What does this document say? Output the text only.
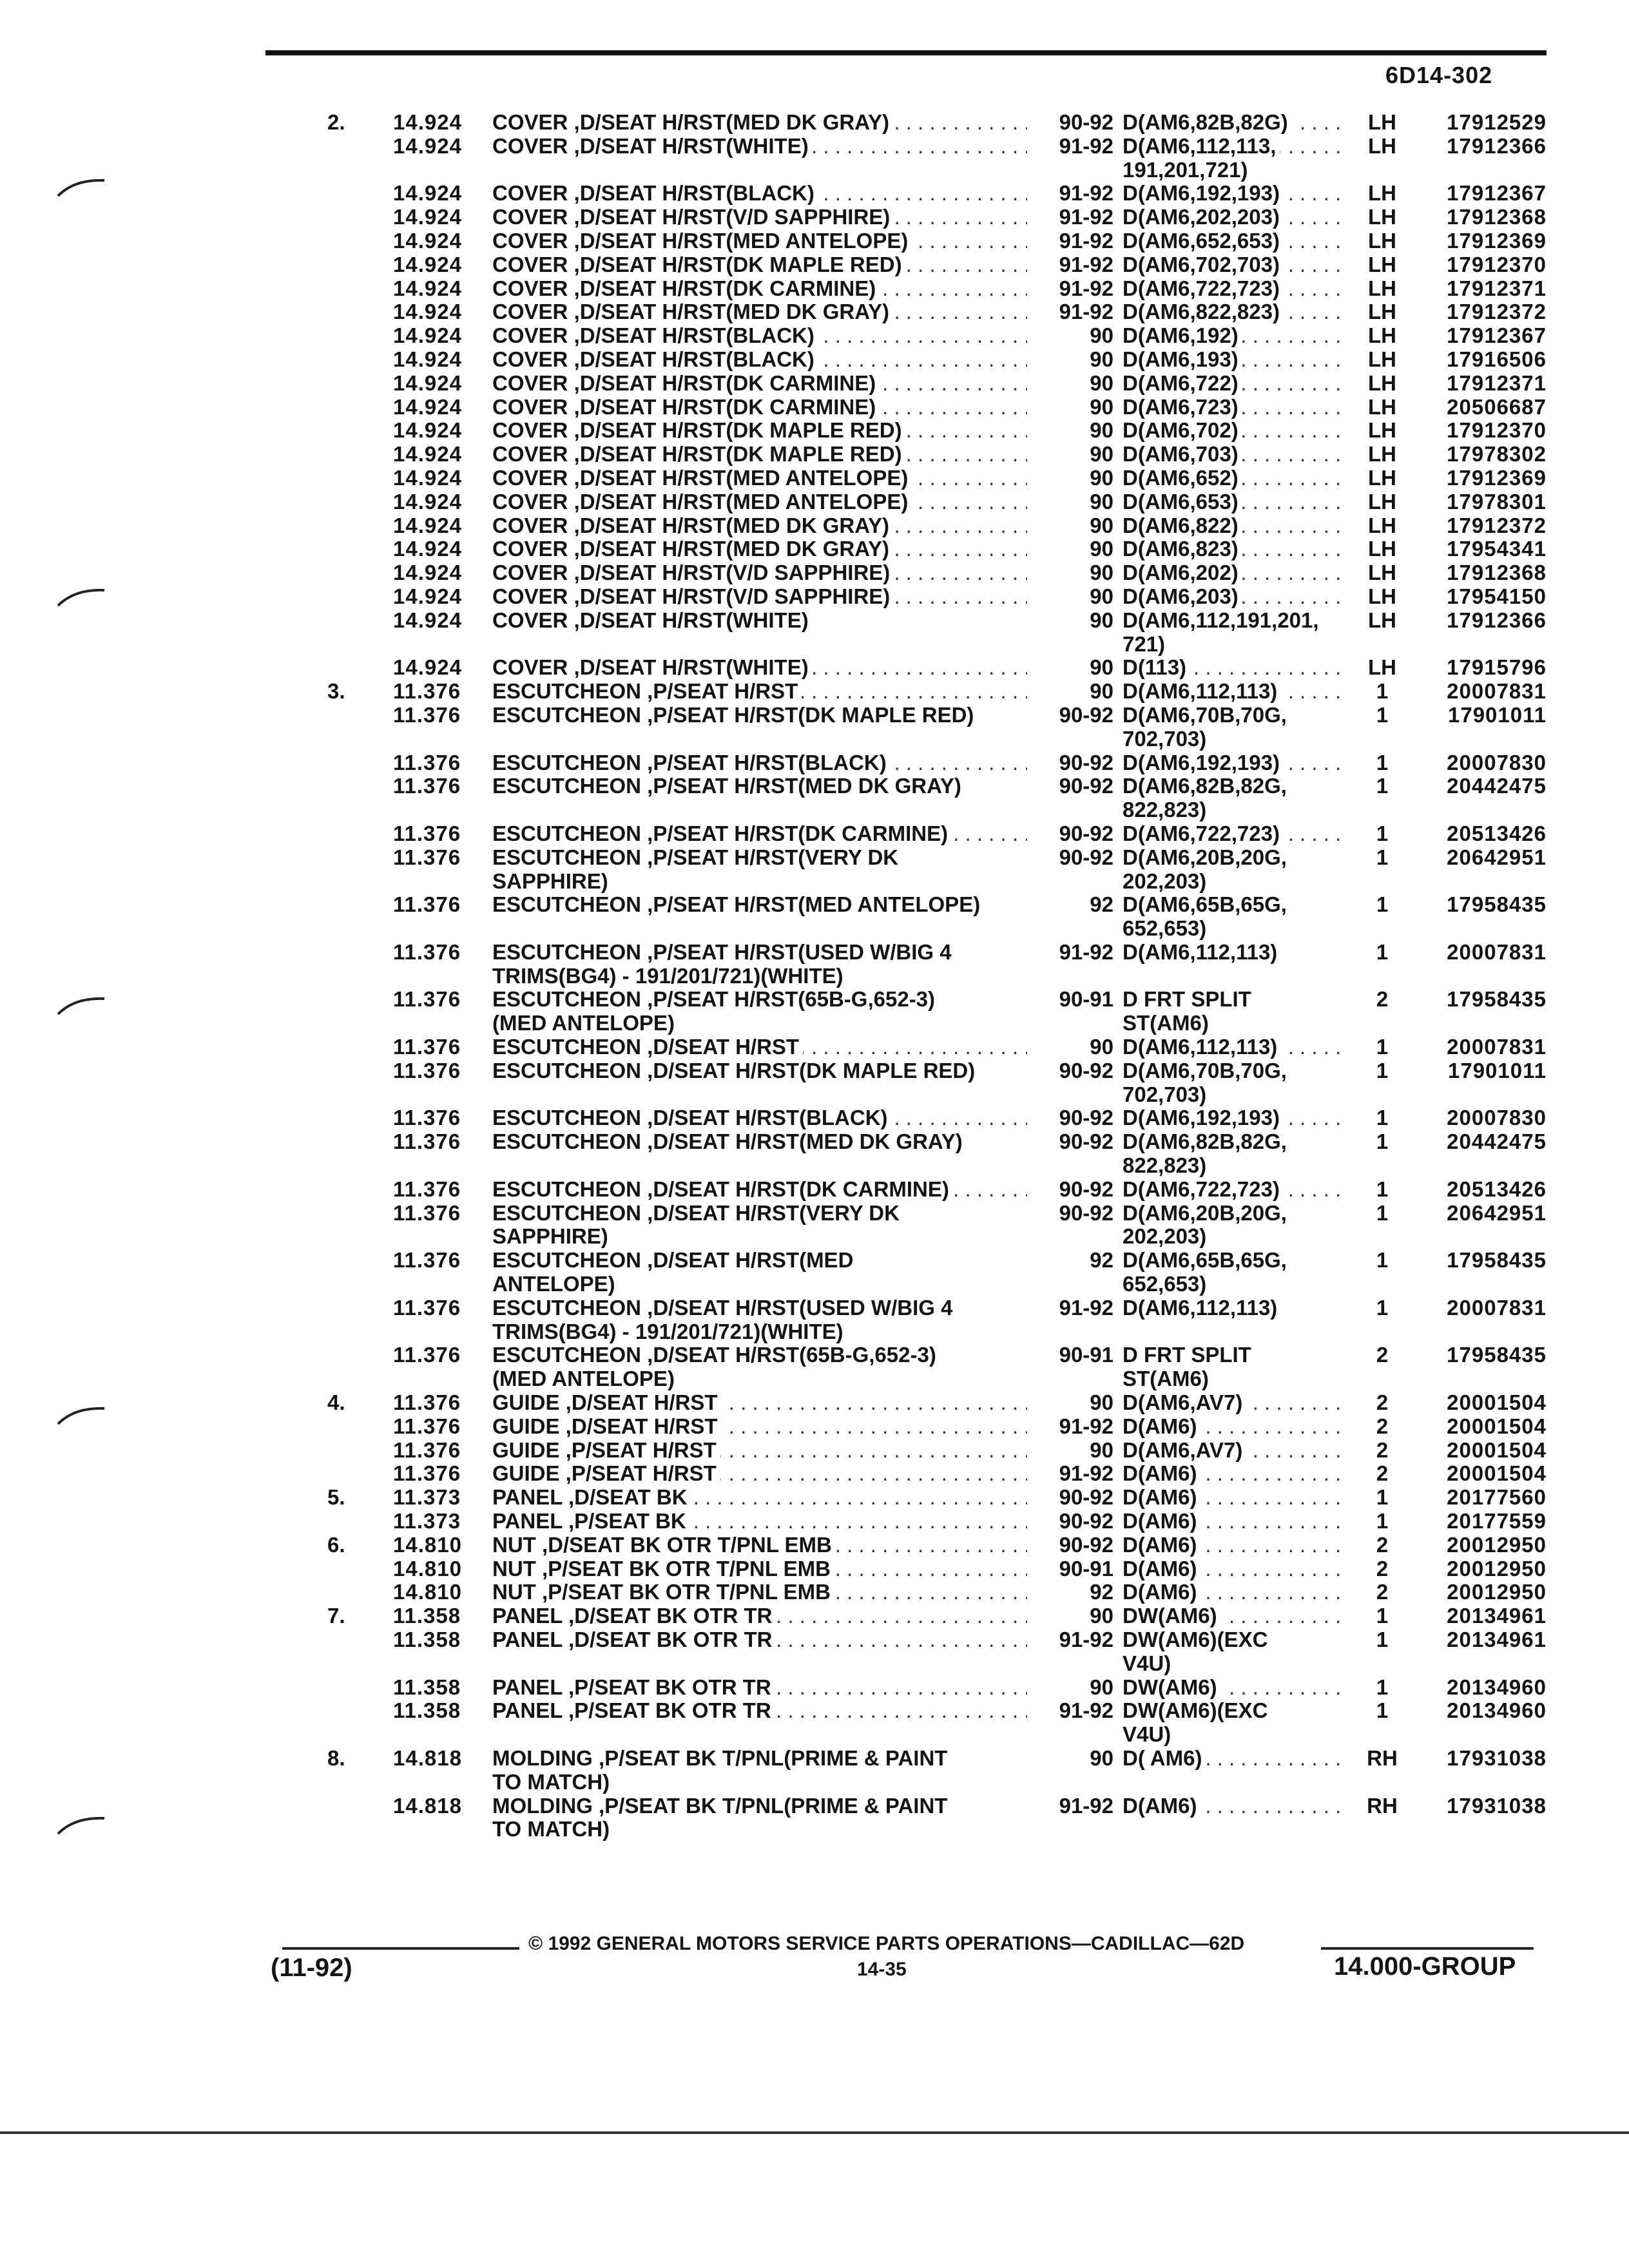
6D14-302
2.	14.924	COVER ,D/SEAT H/RST(MED DK GRAY) . . .	90-92 D(AM6,82B,82G) . . .	LH	17912529
14.924	COVER ,D/SEAT H/RST(WHITE) . . .	91-92 D(AM6,112,113, . . .	LH	17912366
191,201,721)
14.924	COVER ,D/SEAT H/RST(BLACK) . . .	91-92 D(AM6,192,193) . . .	LH	17912367
14.924	COVER ,D/SEAT H/RST(V/D SAPPHIRE) . . .	91-92 D(AM6,202,203) . . .	LH	17912368
14.924	COVER ,D/SEAT H/RST(MED ANTELOPE) . . .	91-92 D(AM6,652,653) . . .	LH	17912369
14.924	COVER ,D/SEAT H/RST(DK MAPLE RED) . . .	91-92 D(AM6,702,703) . . .	LH	17912370
14.924	COVER ,D/SEAT H/RST(DK CARMINE) . . .	91-92 D(AM6,722,723) . . .	LH	17912371
14.924	COVER ,D/SEAT H/RST(MED DK GRAY) . . .	91-92 D(AM6,822,823) . . .	LH	17912372
14.924	COVER ,D/SEAT H/RST(BLACK) . . .	90 D(AM6,192) . . .	LH	17912367
14.924	COVER ,D/SEAT H/RST(BLACK) . . .	90 D(AM6,193) . . .	LH	17916506
14.924	COVER ,D/SEAT H/RST(DK CARMINE) . . .	90 D(AM6,722) . . .	LH	17912371
14.924	COVER ,D/SEAT H/RST(DK CARMINE) . . .	90 D(AM6,723) . . .	LH	20506687
14.924	COVER ,D/SEAT H/RST(DK MAPLE RED) . . .	90 D(AM6,702) . . .	LH	17912370
14.924	COVER ,D/SEAT H/RST(DK MAPLE RED) . . .	90 D(AM6,703) . . .	LH	17978302
14.924	COVER ,D/SEAT H/RST(MED ANTELOPE) . . .	90 D(AM6,652) . . .	LH	17912369
14.924	COVER ,D/SEAT H/RST(MED ANTELOPE) . . .	90 D(AM6,653) . . .	LH	17978301
14.924	COVER ,D/SEAT H/RST(MED DK GRAY) . . .	90 D(AM6,822) . . .	LH	17912372
14.924	COVER ,D/SEAT H/RST(MED DK GRAY) . . .	90 D(AM6,823) . . .	LH	17954341
14.924	COVER ,D/SEAT H/RST(V/D SAPPHIRE) . . .	90 D(AM6,202) . . .	LH	17912368
14.924	COVER ,D/SEAT H/RST(V/D SAPPHIRE) . . .	90 D(AM6,203) . . .	LH	17954150
14.924	COVER ,D/SEAT H/RST(WHITE)	90 D(AM6,112,191,201,	LH	17912366
721)
14.924	COVER ,D/SEAT H/RST(WHITE) . . .	90 D(113) . . .	LH	17915796
3.	11.376	ESCUTCHEON ,P/SEAT H/RST . . .	90 D(AM6,112,113) . . .	1	20007831
11.376	ESCUTCHEON ,P/SEAT H/RST(DK MAPLE RED)	90-92 D(AM6,70B,70G,	1	17901011
702,703)
11.376	ESCUTCHEON ,P/SEAT H/RST(BLACK) . . .	90-92 D(AM6,192,193) . . .	1	20007830
11.376	ESCUTCHEON ,P/SEAT H/RST(MED DK GRAY)	90-92 D(AM6,82B,82G,	1	20442475
822,823)
11.376	ESCUTCHEON ,P/SEAT H/RST(DK CARMINE) . . .	90-92 D(AM6,722,723) . . .	1	20513426
11.376	ESCUTCHEON ,P/SEAT H/RST(VERY DK	90-92 D(AM6,20B,20G,	1	20642951
SAPPHIRE)	202,203)
11.376	ESCUTCHEON ,P/SEAT H/RST(MED ANTELOPE)	92 D(AM6,65B,65G,	1	17958435
652,653)
11.376	ESCUTCHEON ,P/SEAT H/RST(USED W/BIG 4	91-92 D(AM6,112,113)	1	20007831
TRIMS(BG4) - 191/201/721)(WHITE)
11.376	ESCUTCHEON ,P/SEAT H/RST(65B-G,652-3)	90-91 D FRT SPLIT	2	17958435
(MED ANTELOPE)	ST(AM6)
11.376	ESCUTCHEON ,D/SEAT H/RST . . .	90 D(AM6,112,113) . . .	1	20007831
11.376	ESCUTCHEON ,D/SEAT H/RST(DK MAPLE RED)	90-92 D(AM6,70B,70G,	1	17901011
702,703)
11.376	ESCUTCHEON ,D/SEAT H/RST(BLACK) . . .	90-92 D(AM6,192,193) . . .	1	20007830
11.376	ESCUTCHEON ,D/SEAT H/RST(MED DK GRAY)	90-92 D(AM6,82B,82G,	1	20442475
822,823)
11.376	ESCUTCHEON ,D/SEAT H/RST(DK CARMINE) . . .	90-92 D(AM6,722,723) . . .	1	20513426
11.376	ESCUTCHEON ,D/SEAT H/RST(VERY DK	90-92 D(AM6,20B,20G,	1	20642951
SAPPHIRE)	202,203)
11.376	ESCUTCHEON ,D/SEAT H/RST(MED	92 D(AM6,65B,65G,	1	17958435
ANTELOPE)	652,653)
11.376	ESCUTCHEON ,D/SEAT H/RST(USED W/BIG 4	91-92 D(AM6,112,113)	1	20007831
TRIMS(BG4) - 191/201/721)(WHITE)
11.376	ESCUTCHEON ,D/SEAT H/RST(65B-G,652-3)	90-91 D FRT SPLIT	2	17958435
(MED ANTELOPE)	ST(AM6)
4.	11.376	GUIDE ,D/SEAT H/RST . . .	90 D(AM6,AV7) . . .	2	20001504
11.376	GUIDE ,D/SEAT H/RST . . .	91-92 D(AM6) . . .	2	20001504
11.376	GUIDE ,P/SEAT H/RST . . .	90 D(AM6,AV7) . . .	2	20001504
11.376	GUIDE ,P/SEAT H/RST . . .	91-92 D(AM6) . . .	2	20001504
5.	11.373	PANEL ,D/SEAT BK . . .	90-92 D(AM6) . . .	1	20177560
11.373	PANEL ,P/SEAT BK . . .	90-92 D(AM6) . . .	1	20177559
6.	14.810	NUT ,D/SEAT BK OTR T/PNL EMB . . .	90-92 D(AM6) . . .	2	20012950
14.810	NUT ,P/SEAT BK OTR T/PNL EMB . . .	90-91 D(AM6) . . .	2	20012950
14.810	NUT ,P/SEAT BK OTR T/PNL EMB . . .	92 D(AM6) . . .	2	20012950
7.	11.358	PANEL ,D/SEAT BK OTR TR . . .	90 DW(AM6) . . .	1	20134961
11.358	PANEL ,D/SEAT BK OTR TR . . .	91-92 DW(AM6)(EXC	1	20134961
V4U)
11.358	PANEL ,P/SEAT BK OTR TR . . .	90 DW(AM6) . . .	1	20134960
11.358	PANEL ,P/SEAT BK OTR TR . . .	91-92 DW(AM6)(EXC	1	20134960
V4U)
8.	14.818	MOLDING ,P/SEAT BK T/PNL(PRIME & PAINT	90 D( AM6) . . .	RH	17931038
TO MATCH)
14.818	MOLDING ,P/SEAT BK T/PNL(PRIME & PAINT	91-92 D(AM6) . . .	RH	17931038
TO MATCH)
© 1992 GENERAL MOTORS SERVICE PARTS OPERATIONS—CADILLAC—62D
(11-92)	14-35	14.000-GROUP
